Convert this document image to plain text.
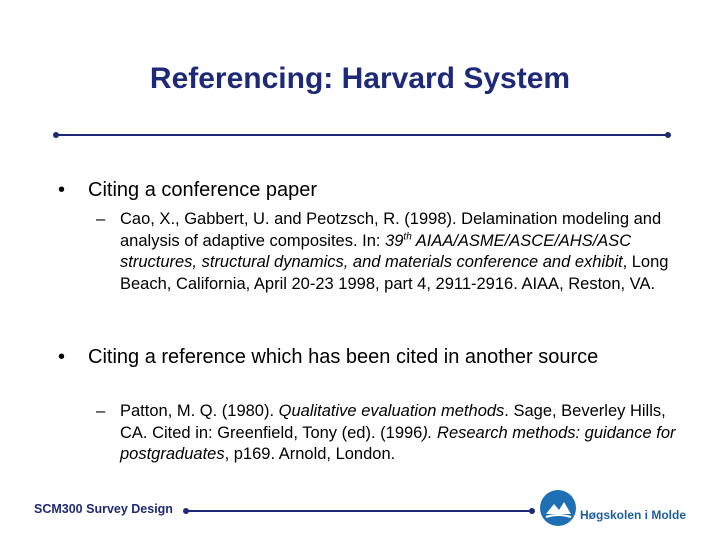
Referencing: Harvard System
•	Citing a conference paper
– Cao, X., Gabbert, U. and Peotzsch, R. (1998). Delamination modeling and analysis of adaptive composites. In: 39th AIAA/ASME/ASCE/AHS/ASC structures, structural dynamics, and materials conference and exhibit, Long Beach, California, April 20-23 1998, part 4, 2911-2916. AIAA, Reston, VA.
•	Citing a reference which has been cited in another source
– Patton, M. Q. (1980). Qualitative evaluation methods. Sage, Beverley Hills, CA. Cited in: Greenfield, Tony (ed). (1996). Research methods: guidance for postgraduates, p169. Arnold, London.
SCM300 Survey Design	Høgskolen i Molde
